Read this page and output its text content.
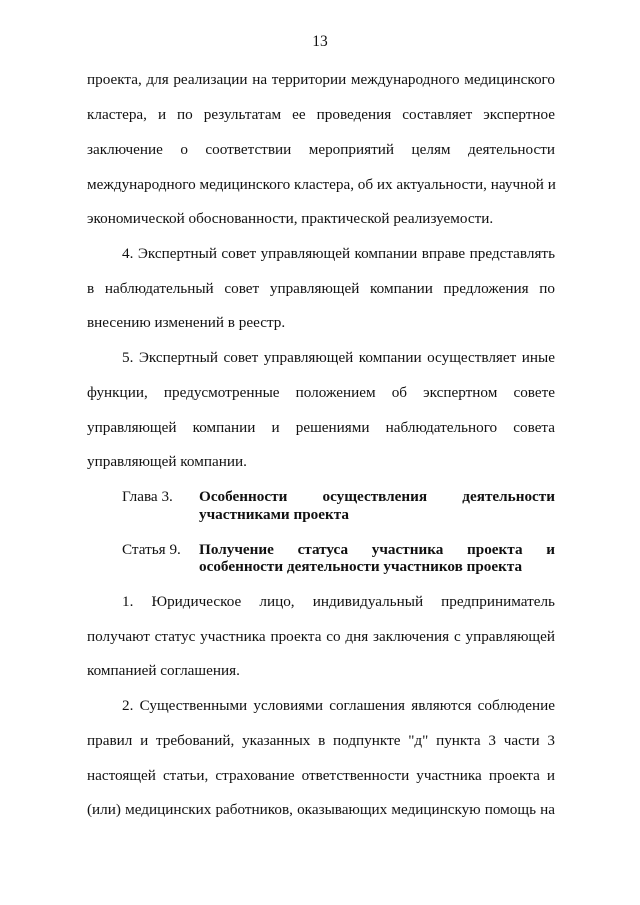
13
проекта, для реализации на территории международного медицинского
кластера, и по результатам ее проведения составляет экспертное
заключение о соответствии мероприятий целям деятельности
международного медицинского кластера, об их актуальности, научной и
экономической обоснованности, практической реализуемости.
4. Экспертный совет управляющей компании вправе представлять
в наблюдательный совет управляющей компании предложения по
внесению изменений в реестр.
5. Экспертный совет управляющей компании осуществляет иные
функции, предусмотренные положением об экспертном совете
управляющей компании и решениями наблюдательного совета
управляющей компании.
Глава 3. Особенности осуществления деятельности
участниками проекта
Статья 9. Получение статуса участника проекта и
особенности деятельности участников проекта
1. Юридическое лицо, индивидуальный предприниматель
получают статус участника проекта со дня заключения с управляющей
компанией соглашения.
2. Существенными условиями соглашения являются соблюдение
правил и требований, указанных в подпункте "д" пункта 3 части 3
настоящей статьи, страхование ответственности участника проекта и
(или) медицинских работников, оказывающих медицинскую помощь на
